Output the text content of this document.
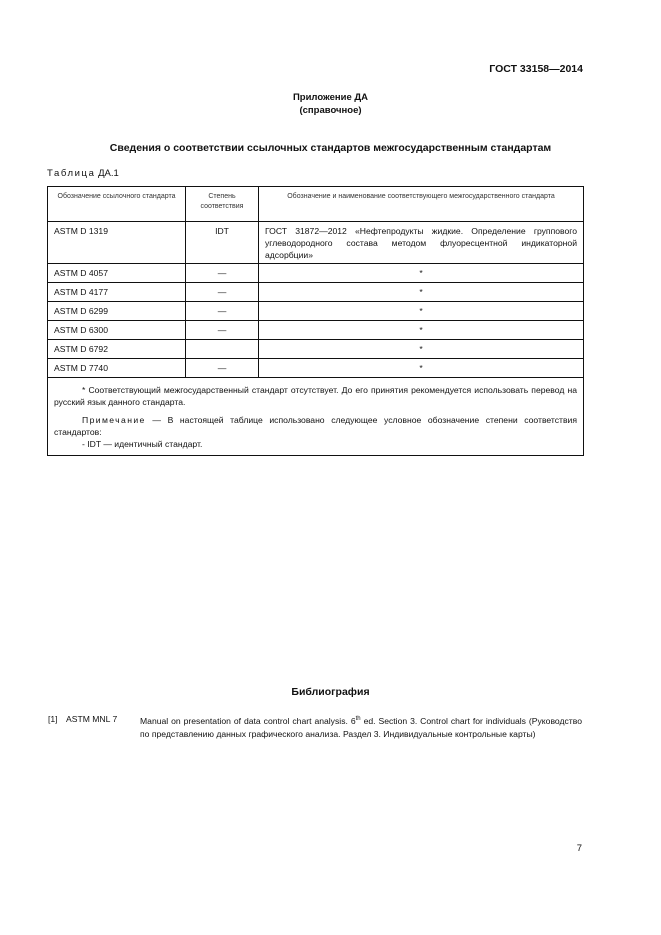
ГОСТ 33158—2014
Приложение ДА
(справочное)
Сведения о соответствии ссылочных стандартов межгосударственным стандартам
Таблица ДА.1
Обозначение ссылочного стандарта	Степень соответствия	Обозначение и наименование соответствующего межгосударственного стандарта
ASTM D 1319	IDT	ГОСТ 31872—2012 «Нефтепродукты жидкие. Определение группового углеводородного состава методом флуоресцентной индикаторной адсорбции»
ASTM D 4057	—	*
ASTM D 4177	—	*
ASTM D 6299	—	*
ASTM D 6300	—	*
ASTM D 6792		*
ASTM D 7740	—	*

* Соответствующий межгосударственный стандарт отсутствует. До его принятия рекомендуется использовать перевод на русский язык данного стандарта.

Примечание — В настоящей таблице использовано следующее условное обозначение степени соответствия стандартов:

- IDT — идентичный стандарт.		

Библиография
[1] ASTM MNL 7	Manual on presentation of data control chart analysis. 6th ed. Section 3. Control chart for individuals (Руководство по представлению данных графического анализа. Раздел 3. Индивидуальные контрольные карты)
7
